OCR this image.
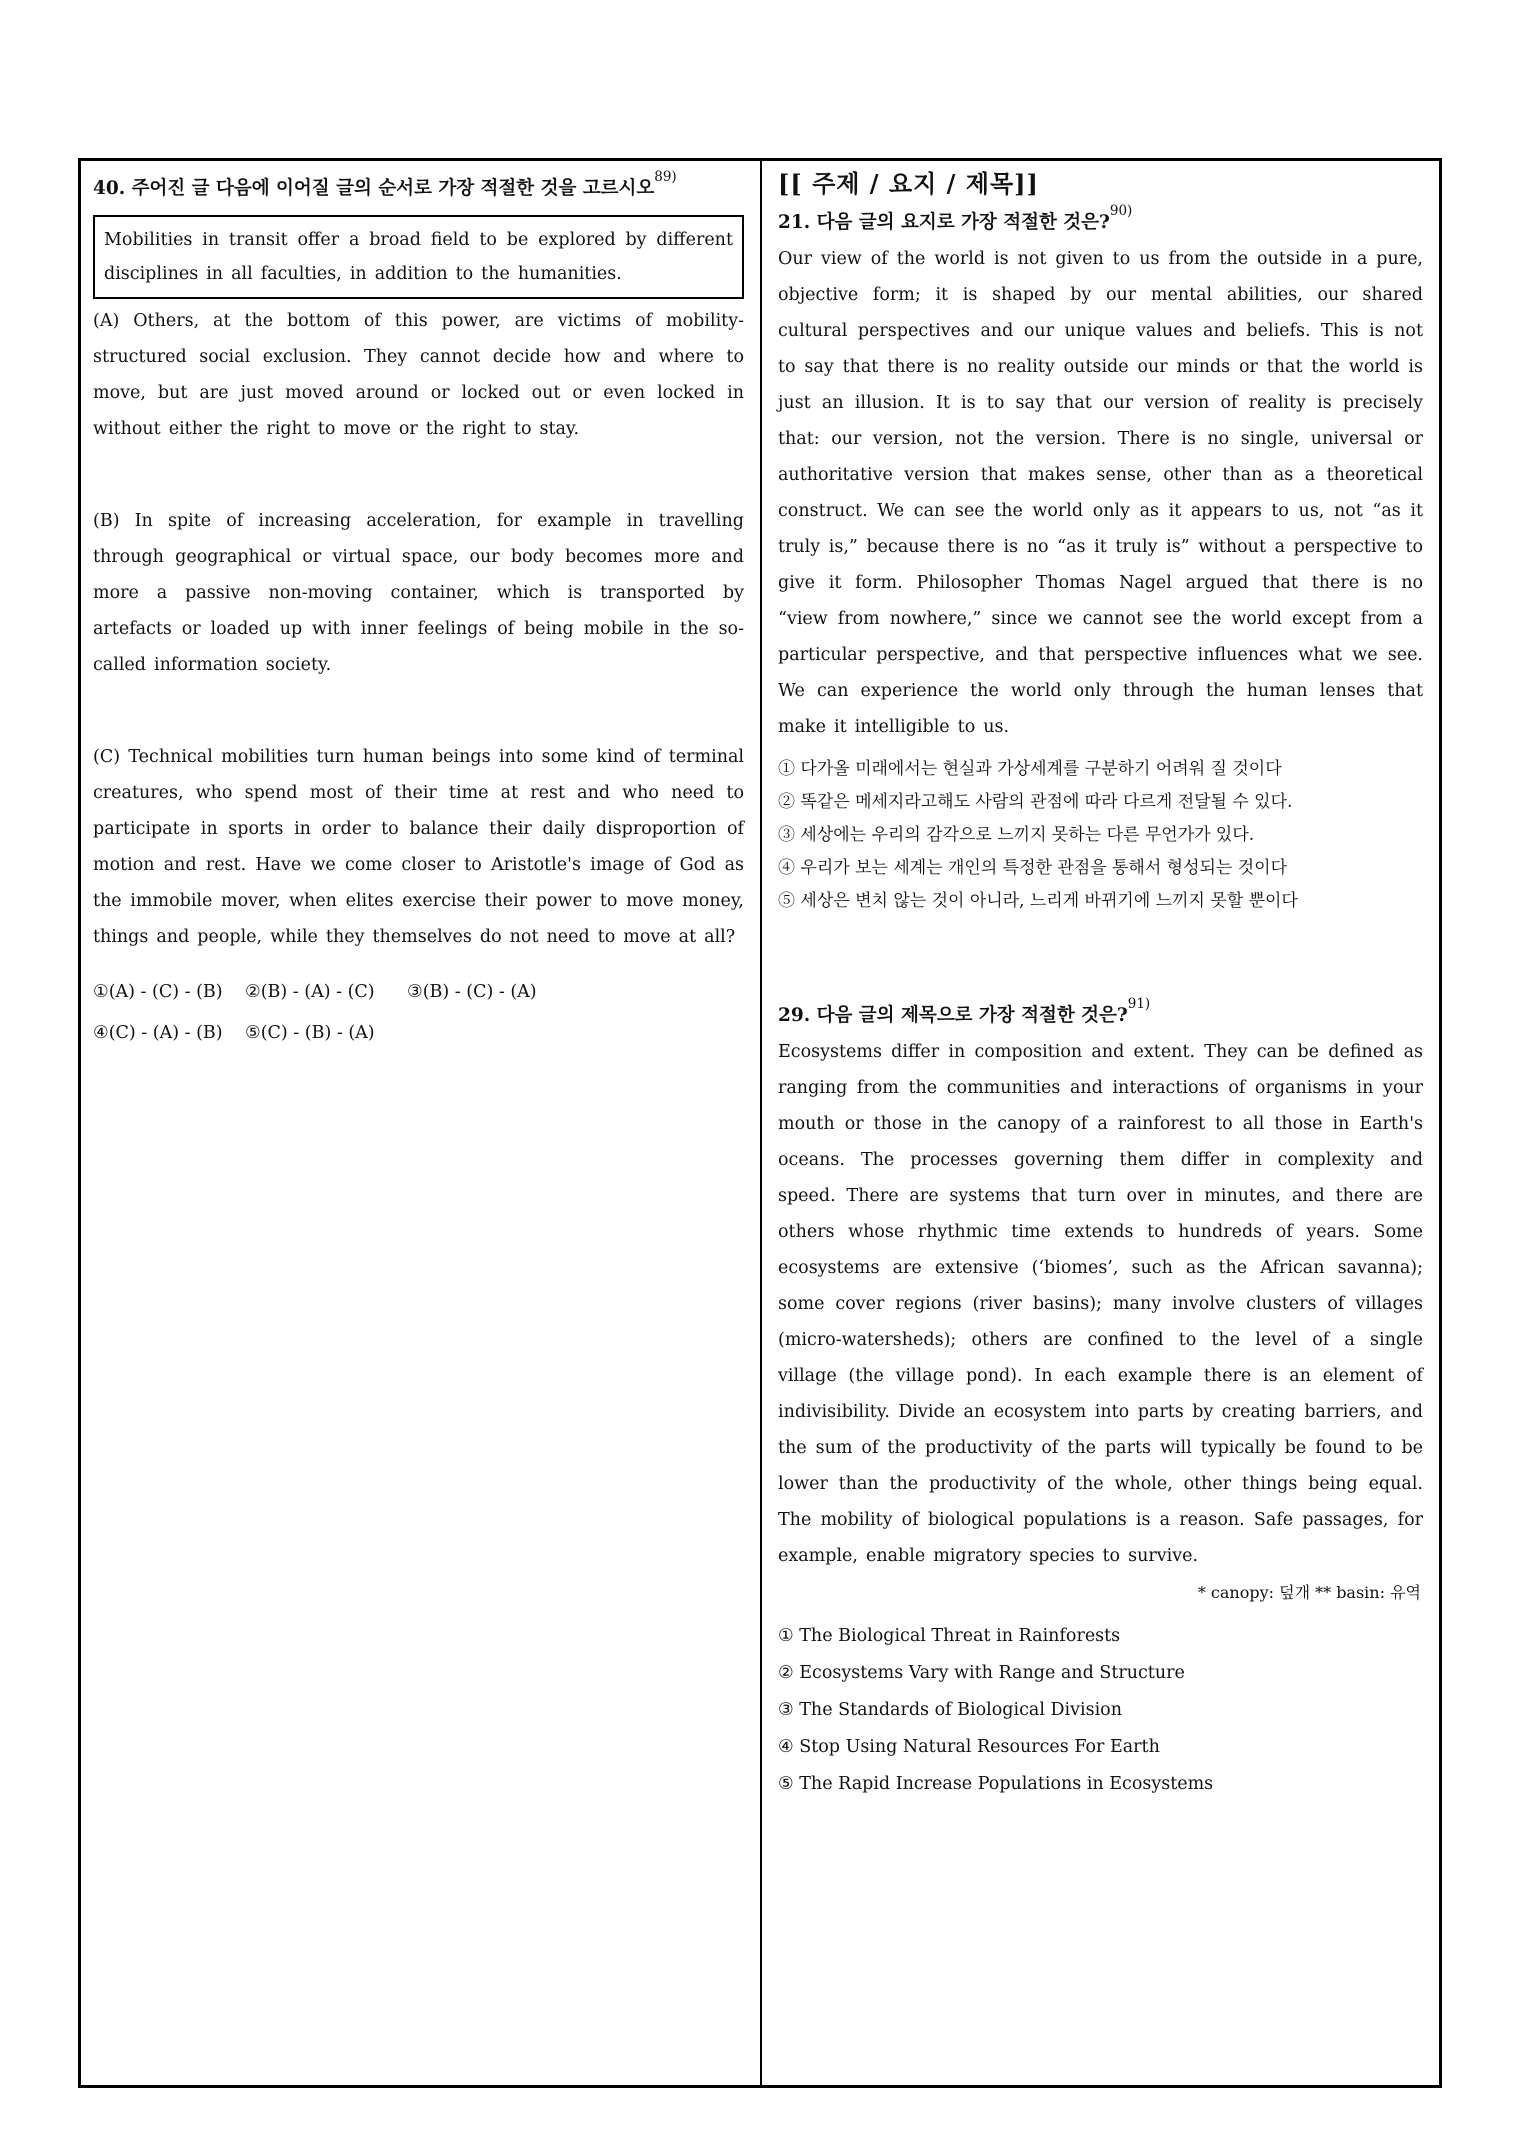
40. 주어진 글 다음에 이어질 글의 순서로 가장 적절한 것을 고르시오$^{89)}$

Mobilities in transit offer a broad field to be explored by different disciplines in all faculties, in addition to the humanities.

(A) Others, at the bottom of this power, are victims of mobility-structured social exclusion. They cannot decide how and where to move, but are just moved around or locked out or even locked in without either the right to move or the right to stay.

(B) In spite of increasing acceleration, for example in travelling through geographical or virtual space, our body becomes more and more a passive non-moving container, which is transported by artefacts or loaded up with inner feelings of being mobile in the so-called information society.

(C) Technical mobilities turn human beings into some kind of terminal creatures, who spend most of their time at rest and who need to participate in sports in order to balance their daily disproportion of motion and rest. Have we come closer to Aristotle's image of God as the immobile mover, when elites exercise their power to move money, things and people, while they themselves do not need to move at all?

①(A) - (C) - (B)	②(B) - (A) - (C)	③(B) - (C) - (A)
④(C) - (A) - (B)	⑤(C) - (B) - (A)
[[ 주제 / 요지 / 제목]]
21. 다음 글의 요지로 가장 적절한 것은?$^{90)}$

Our view of the world is not given to us from the outside in a pure, objective form; it is shaped by our mental abilities, our shared cultural perspectives and our unique values and beliefs. This is not to say that there is no reality outside our minds or that the world is just an illusion. It is to say that our version of reality is precisely that: our version, not the version. There is no single, universal or authoritative version that makes sense, other than as a theoretical construct. We can see the world only as it appears to us, not “as it truly is,” because there is no “as it truly is” without a perspective to give it form. Philosopher Thomas Nagel argued that there is no “view from nowhere,” since we cannot see the world except from a particular perspective, and that perspective influences what we see. We can experience the world only through the human lenses that make it intelligible to us.

① 다가올 미래에서는 현실과 가상세계를 구분하기 어려워 질 것이다
② 똑같은 메세지라고해도 사람의 관점에 따라 다르게 전달될 수 있다.
③ 세상에는 우리의 감각으로 느끼지 못하는 다른 무언가가 있다.
④ 우리가 보는 세계는 개인의 특정한 관점을 통해서 형성되는 것이다
⑤ 세상은 변치 않는 것이 아니라, 느리게 바뀌기에 느끼지 못할 뿐이다
29. 다음 글의 제목으로 가장 적절한 것은?$^{91)}$

Ecosystems differ in composition and extent. They can be defined as ranging from the communities and interactions of organisms in your mouth or those in the canopy of a rainforest to all those in Earth's oceans. The processes governing them differ in complexity and speed. There are systems that turn over in minutes, and there are others whose rhythmic time extends to hundreds of years. Some ecosystems are extensive (‘biomes’, such as the African savanna); some cover regions (river basins); many involve clusters of villages (micro-watersheds); others are confined to the level of a single village (the village pond). In each example there is an element of indivisibility. Divide an ecosystem into parts by creating barriers, and the sum of the productivity of the parts will typically be found to be lower than the productivity of the whole, other things being equal. The mobility of biological populations is a reason. Safe passages, for example, enable migratory species to survive.

* canopy: 덮개 ** basin: 유역
① The Biological Threat in Rainforests
② Ecosystems Vary with Range and Structure
③ The Standards of Biological Division
④ Stop Using Natural Resources For Earth
⑤ The Rapid Increase Populations in Ecosystems
